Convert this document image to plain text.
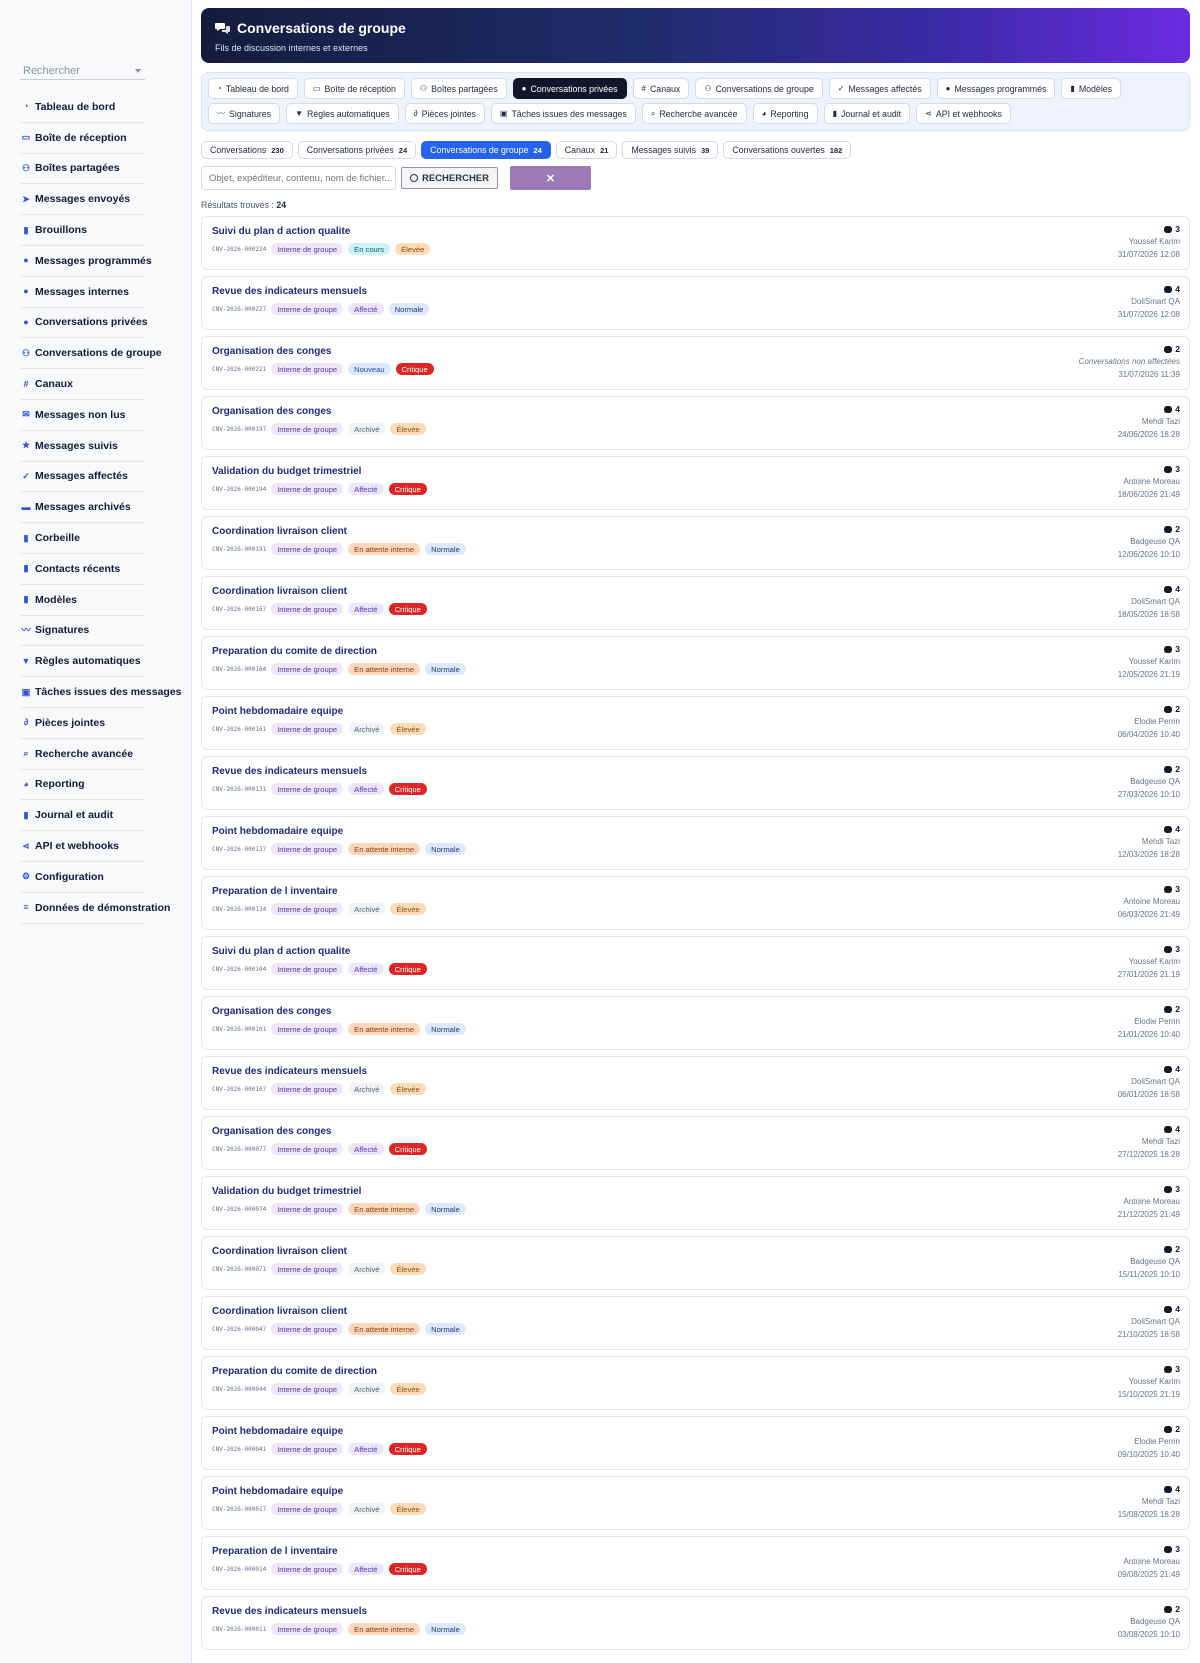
Rechercher
◔ Tableau de bord
▭ Boîte de réception
⚇ Boîtes partagées
➤ Messages envoyés
▮ Brouillons
● Messages programmés
● Messages internes
● Conversations privées
⚇ Conversations de groupe
# Canaux
✉ Messages non lus
★ Messages suivis
✓ Messages affectés
▬ Messages archivés
▮ Corbeille
▮ Contacts récents
▮ Modèles
〰 Signatures
▼ Règles automatiques
▣ Tâches issues des messages
∂ Pièces jointes
⌕ Recherche avancée
◕ Reporting
▮ Journal et audit
⋖ API et webhooks
⚙ Configuration
≡ Données de démonstration
Conversations de groupe
Fils de discussion internes et externes
◔ Tableau de bord	▭ Boîte de réception	⚇ Boîtes partagées	● Conversations privées	# Canaux	⚇ Conversations de groupe	✓ Messages affectés	● Messages programmés	▮ Modèles
〰 Signatures	▼ Règles automatiques	∂ Pièces jointes	▣ Tâches issues des messages	⌕ Recherche avancée	◕ Reporting	▮ Journal et audit	⋖ API et webhooks
Conversations 230	Conversations privées 24	Conversations de groupe 24	Canaux 21	Messages suivis 39	Conversations ouvertes 182
Objet, expéditeur, contenu, nom de fichier...
RECHERCHER	✕
Résultats trouvés : 24
Suivi du plan d action qualite
CNV-2026-000224	Interne de groupe	En cours	Élevée
3
Youssef Karim
31/07/2026 12:08
Revue des indicateurs mensuels
CNV-2026-000227	Interne de groupe	Affecté	Normale
4
DoliSmart QA
31/07/2026 12:08
Organisation des conges
CNV-2026-000221	Interne de groupe	Nouveau	Critique
2
Conversations non affectées
31/07/2026 11:39
Organisation des conges
CNV-2026-000197	Interne de groupe	Archivé	Élevée
4
Mehdi Tazi
24/06/2026 18:28
Validation du budget trimestriel
CNV-2026-000194	Interne de groupe	Affecté	Critique
3
Antoine Moreau
18/06/2026 21:49
Coordination livraison client
CNV-2026-000191	Interne de groupe	En attente interne	Normale
2
Badgeuse QA
12/06/2026 10:10
Coordination livraison client
CNV-2026-000167	Interne de groupe	Affecté	Critique
4
DoliSmart QA
18/05/2026 18:58
Preparation du comite de direction
CNV-2026-000164	Interne de groupe	En attente interne	Normale
3
Youssef Karim
12/05/2026 21:19
Point hebdomadaire equipe
CNV-2026-000161	Interne de groupe	Archivé	Élevée
2
Elodie Perrin
06/04/2026 10:40
Revue des indicateurs mensuels
CNV-2026-000131	Interne de groupe	Affecté	Critique
2
Badgeuse QA
27/03/2026 10:10
Point hebdomadaire equipe
CNV-2026-000137	Interne de groupe	En attente interne	Normale
4
Mehdi Tazi
12/03/2026 18:28
Preparation de l inventaire
CNV-2026-000134	Interne de groupe	Archivé	Élevée
3
Antoine Moreau
06/03/2026 21:49
Suivi du plan d action qualite
CNV-2026-000104	Interne de groupe	Affecté	Critique
3
Youssef Karim
27/01/2026 21:19
Organisation des conges
CNV-2026-000101	Interne de groupe	En attente interne	Normale
2
Elodie Perrin
21/01/2026 10:40
Revue des indicateurs mensuels
CNV-2026-000107	Interne de groupe	Archivé	Élevée
4
DoliSmart QA
06/01/2026 18:58
Organisation des conges
CNV-2026-000077	Interne de groupe	Affecté	Critique
4
Mehdi Tazi
27/12/2025 18:28
Validation du budget trimestriel
CNV-2026-000074	Interne de groupe	En attente interne	Normale
3
Antoine Moreau
21/12/2025 21:49
Coordination livraison client
CNV-2026-000071	Interne de groupe	Archivé	Élevée
2
Badgeuse QA
15/11/2025 10:10
Coordination livraison client
CNV-2026-000047	Interne de groupe	En attente interne	Normale
4
DoliSmart QA
21/10/2025 18:58
Preparation du comite de direction
CNV-2026-000044	Interne de groupe	Archivé	Élevée
3
Youssef Karim
15/10/2025 21:19
Point hebdomadaire equipe
CNV-2026-000041	Interne de groupe	Affecté	Critique
2
Elodie Perrin
09/10/2025 10:40
Point hebdomadaire equipe
CNV-2026-000017	Interne de groupe	Archivé	Élevée
4
Mehdi Tazi
15/08/2025 18:28
Preparation de l inventaire
CNV-2026-000014	Interne de groupe	Affecté	Critique
3
Antoine Moreau
09/08/2025 21:49
Revue des indicateurs mensuels
CNV-2026-000011	Interne de groupe	En attente interne	Normale
2
Badgeuse QA
03/08/2025 10:10
